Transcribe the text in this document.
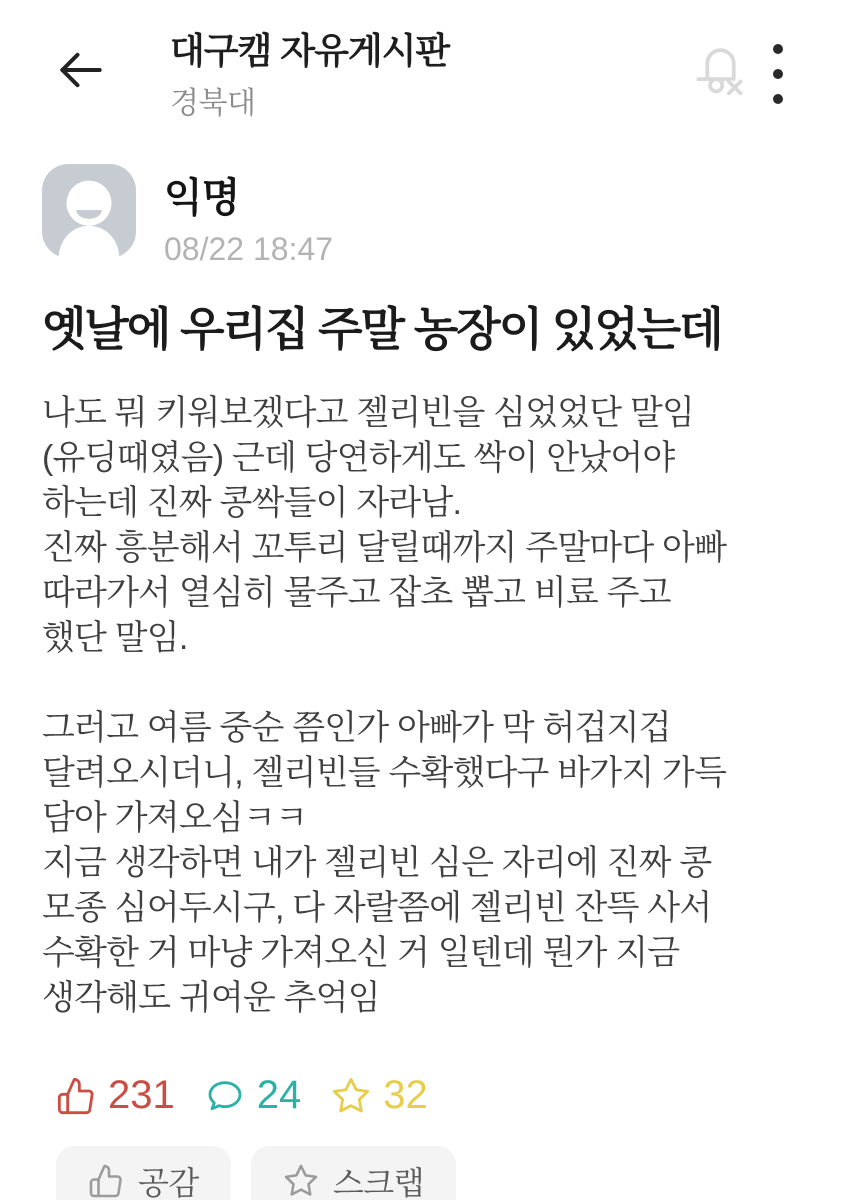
대구캠 자유게시판
경북대
익명
08/22 18:47
옛날에 우리집 주말 농장이 있었는데
나도 뭐 키워보겠다고 젤리빈을 심었었단 말임
(유딩때였음) 근데 당연하게도 싹이 안났어야
하는데 진짜 콩싹들이 자라남.
진짜 흥분해서 꼬투리 달릴때까지 주말마다 아빠
따라가서 열심히 물주고 잡초 뽑고 비료 주고
했단 말임.
그러고 여름 중순 쯤인가 아빠가 막 허겁지겁
달려오시더니, 젤리빈들 수확했다구 바가지 가득
담아 가져오심ㅋㅋ
지금 생각하면 내가 젤리빈 심은 자리에 진짜 콩
모종 심어두시구, 다 자랄쯤에 젤리빈 잔뜩 사서
수확한 거 마냥 가져오신 거 일텐데 뭔가 지금
생각해도 귀여운 추억임
231 24 32
공감	스크랩
